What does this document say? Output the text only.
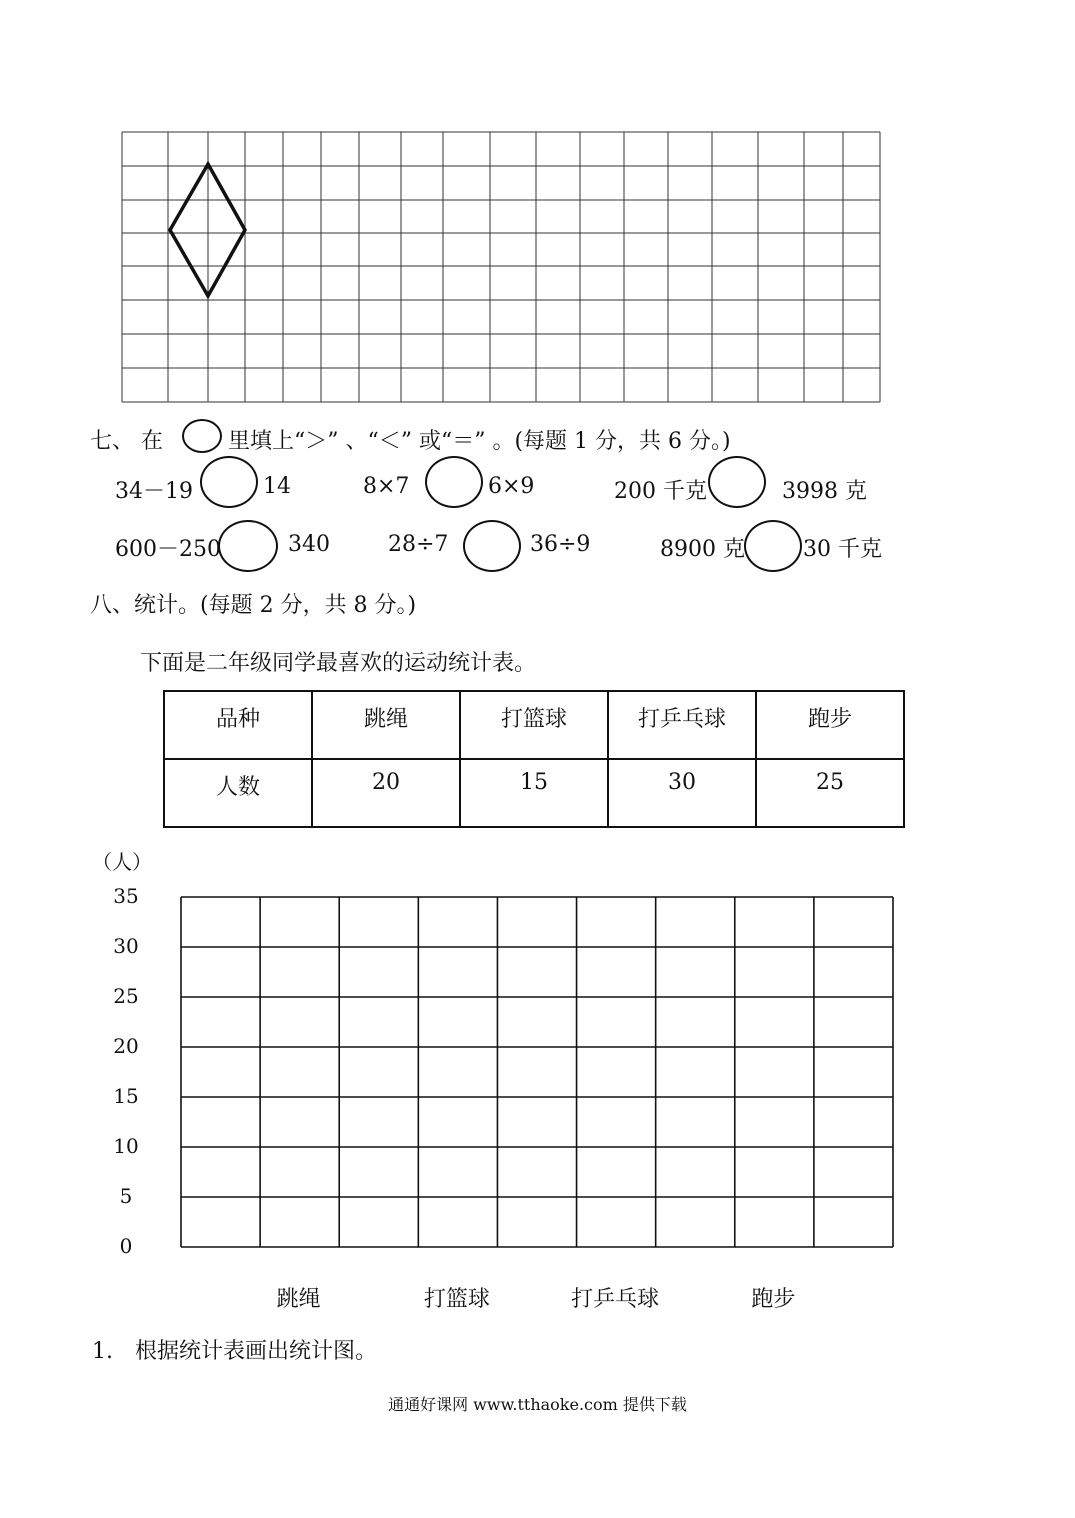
七、 在	里填上“＞” 、“＜” 或“＝” 。(每题 1 分，共 6 分。)
34－19	14	8×7	6×9	200 千克	3998 克
600－250	340	28÷7	36÷9	8900 克	30 千克
八、统计。(每题 2 分，共 8 分。)
下面是二年级同学最喜欢的运动统计表。
品种	跳绳	打篮球	打乒乓球	跑步
人数	20	15	30	25
（人）
35
30
25
20
15
10
5
0
跳绳	打篮球	打乒乓球	跑步
1.　根据统计表画出统计图。
通通好课网 www.tthaoke.com 提供下载
